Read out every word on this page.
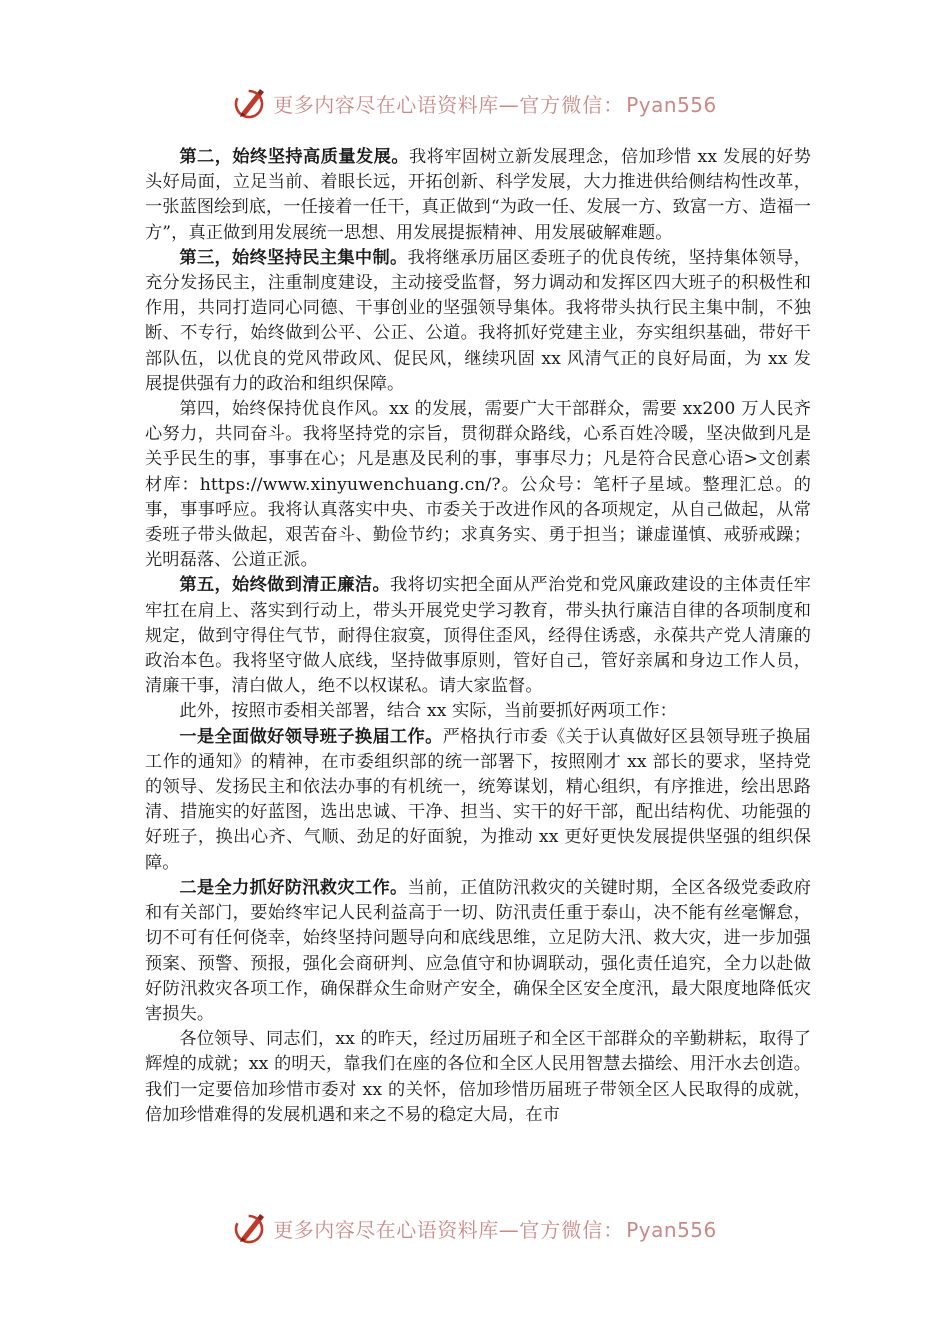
更多内容尽在心语资料库—官方微信： Pyan556

第二，始终坚持高质量发展。我将牢固树立新发展理念，倍加珍惜 xx 发展的好势头好局面，立足当前、着眼长远，开拓创新、科学发展，大力推进供给侧结构性改革，一张蓝图绘到底，一任接着一任干，真正做到“为政一任、发展一方、致富一方、造福一方”，真正做到用发展统一思想、用发展提振精神、用发展破解难题。

第三，始终坚持民主集中制。我将继承历届区委班子的优良传统，坚持集体领导，充分发扬民主，注重制度建设，主动接受监督，努力调动和发挥区四大班子的积极性和作用，共同打造同心同德、干事创业的坚强领导集体。我将带头执行民主集中制，不独断、不专行，始终做到公平、公正、公道。我将抓好党建主业，夯实组织基础，带好干部队伍，以优良的党风带政风、促民风，继续巩固 xx 风清气正的良好局面，为 xx 发展提供强有力的政治和组织保障。

第四，始终保持优良作风。xx 的发展，需要广大干部群众，需要 xx200 万人民齐心努力，共同奋斗。我将坚持党的宗旨，贯彻群众路线，心系百姓冷暖，坚决做到凡是关乎民生的事，事事在心；凡是惠及民利的事，事事尽力；凡是符合民意心语>文创素材库：https://www.xinyuwenchuang.cn/?。公众号：笔杆子星域。整理汇总。的事，事事呼应。我将认真落实中央、市委关于改进作风的各项规定，从自己做起，从常委班子带头做起，艰苦奋斗、勤俭节约；求真务实、勇于担当；谦虚谨慎、戒骄戒躁；光明磊落、公道正派。

第五，始终做到清正廉洁。我将切实把全面从严治党和党风廉政建设的主体责任牢牢扛在肩上、落实到行动上，带头开展党史学习教育，带头执行廉洁自律的各项制度和规定，做到守得住气节，耐得住寂寞，顶得住歪风，经得住诱惑，永葆共产党人清廉的政治本色。我将坚守做人底线，坚持做事原则，管好自己，管好亲属和身边工作人员，清廉干事，清白做人，绝不以权谋私。请大家监督。

此外，按照市委相关部署，结合 xx 实际，当前要抓好两项工作：

一是全面做好领导班子换届工作。严格执行市委《关于认真做好区县领导班子换届工作的通知》的精神，在市委组织部的统一部署下，按照刚才 xx 部长的要求，坚持党的领导、发扬民主和依法办事的有机统一，统筹谋划，精心组织，有序推进，绘出思路清、措施实的好蓝图，选出忠诚、干净、担当、实干的好干部，配出结构优、功能强的好班子，换出心齐、气顺、劲足的好面貌，为推动 xx 更好更快发展提供坚强的组织保障。

二是全力抓好防汛救灾工作。当前，正值防汛救灾的关键时期，全区各级党委政府和有关部门，要始终牢记人民利益高于一切、防汛责任重于泰山，决不能有丝毫懈怠，切不可有任何侥幸，始终坚持问题导向和底线思维，立足防大汛、救大灾，进一步加强预案、预警、预报，强化会商研判、应急值守和协调联动，强化责任追究，全力以赴做好防汛救灾各项工作，确保群众生命财产安全，确保全区安全度汛，最大限度地降低灾害损失。

各位领导、同志们，xx 的昨天，经过历届班子和全区干部群众的辛勤耕耘，取得了辉煌的成就；xx 的明天，靠我们在座的各位和全区人民用智慧去描绘、用汗水去创造。我们一定要倍加珍惜市委对 xx 的关怀，倍加珍惜历届班子带领全区人民取得的成就，倍加珍惜难得的发展机遇和来之不易的稳定大局，在市

更多内容尽在心语资料库—官方微信： Pyan556
